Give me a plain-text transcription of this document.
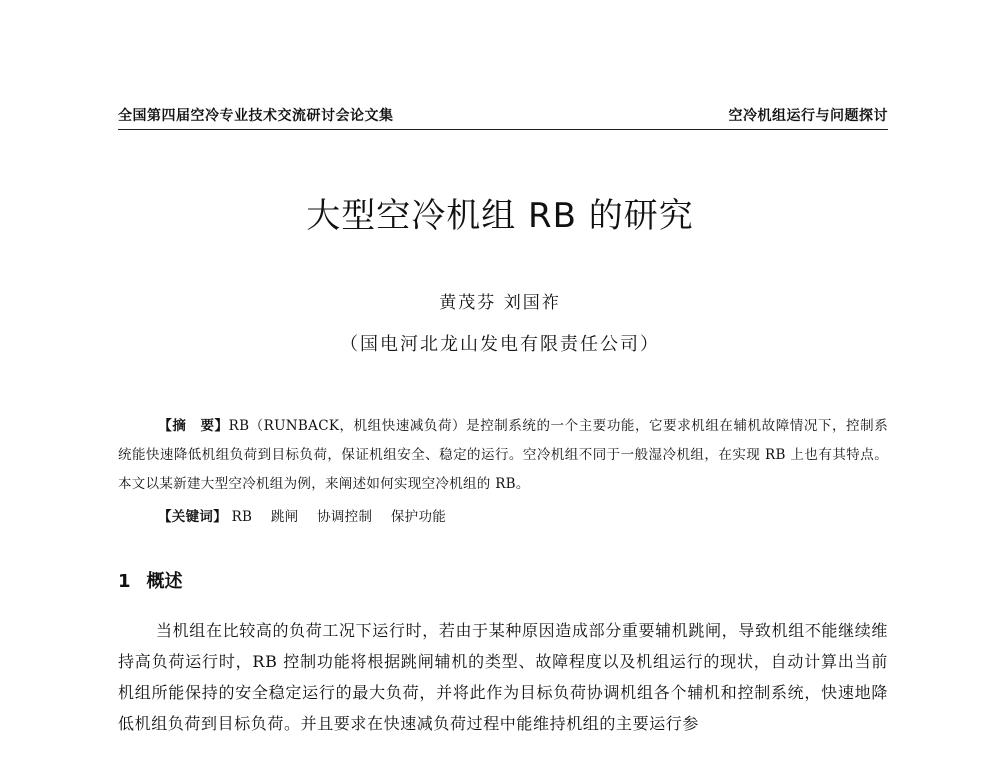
全国第四届空冷专业技术交流研讨会论文集	空冷机组运行与问题探讨
大型空冷机组 RB 的研究
黄茂芬 刘国祚
（国电河北龙山发电有限责任公司）
【摘　要】RB（RUNBACK，机组快速减负荷）是控制系统的一个主要功能，它要求机组在辅机故障情况下，控制系统能快速降低机组负荷到目标负荷，保证机组安全、稳定的运行。空冷机组不同于一般湿冷机组，在实现 RB 上也有其特点。本文以某新建大型空冷机组为例，来阐述如何实现空冷机组的 RB。
【关键词】 RB 跳闸 协调控制 保护功能
1 概述
当机组在比较高的负荷工况下运行时，若由于某种原因造成部分重要辅机跳闸，导致机组不能继续维持高负荷运行时，RB 控制功能将根据跳闸辅机的类型、故障程度以及机组运行的现状，自动计算出当前机组所能保持的安全稳定运行的最大负荷，并将此作为目标负荷协调机组各个辅机和控制系统，快速地降低机组负荷到目标负荷。并且要求在快速减负荷过程中能维持机组的主要运行参
